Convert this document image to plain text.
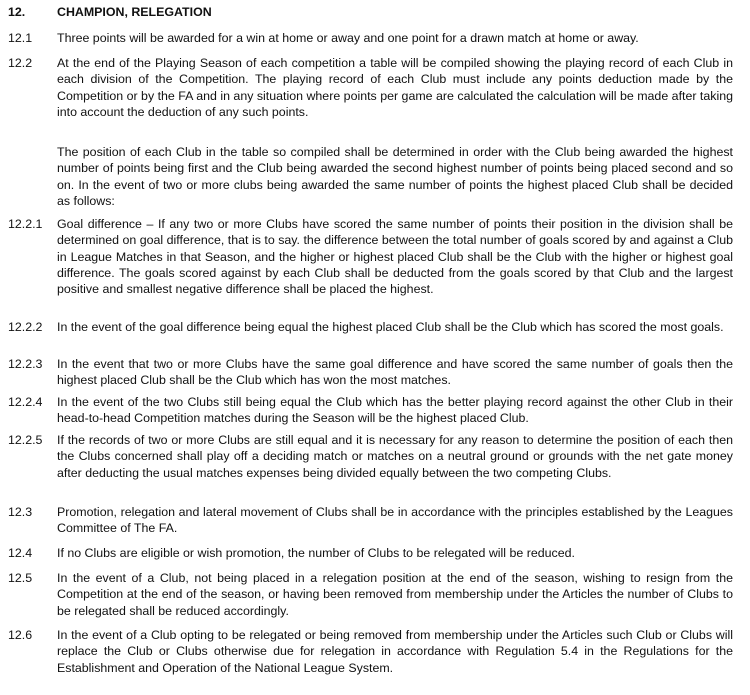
12.	CHAMPION, RELEGATION
12.1 Three points will be awarded for a win at home or away and one point for a drawn match at home or away.
12.2 At the end of the Playing Season of each competition a table will be compiled showing the playing record of each Club in each division of the Competition. The playing record of each Club must include any points deduction made by the Competition or by the FA and in any situation where points per game are calculated the calculation will be made after taking into account the deduction of any such points.
The position of each Club in the table so compiled shall be determined in order with the Club being awarded the highest number of points being first and the Club being awarded the second highest number of points being placed second and so on. In the event of two or more clubs being awarded the same number of points the highest placed Club shall be decided as follows:
12.2.1 Goal difference – If any two or more Clubs have scored the same number of points their position in the division shall be determined on goal difference, that is to say. the difference between the total number of goals scored by and against a Club in League Matches in that Season, and the higher or highest placed Club shall be the Club with the higher or highest goal difference. The goals scored against by each Club shall be deducted from the goals scored by that Club and the largest positive and smallest negative difference shall be placed the highest.
12.2.2 In the event of the goal difference being equal the highest placed Club shall be the Club which has scored the most goals.
12.2.3 In the event that two or more Clubs have the same goal difference and have scored the same number of goals then the highest placed Club shall be the Club which has won the most matches.
12.2.4 In the event of the two Clubs still being equal the Club which has the better playing record against the other Club in their head-to-head Competition matches during the Season will be the highest placed Club.
12.2.5 If the records of two or more Clubs are still equal and it is necessary for any reason to determine the position of each then the Clubs concerned shall play off a deciding match or matches on a neutral ground or grounds with the net gate money after deducting the usual matches expenses being divided equally between the two competing Clubs.
12.3 Promotion, relegation and lateral movement of Clubs shall be in accordance with the principles established by the Leagues Committee of The FA.
12.4 If no Clubs are eligible or wish promotion, the number of Clubs to be relegated will be reduced.
12.5 In the event of a Club, not being placed in a relegation position at the end of the season, wishing to resign from the Competition at the end of the season, or having been removed from membership under the Articles the number of Clubs to be relegated shall be reduced accordingly.
12.6 In the event of a Club opting to be relegated or being removed from membership under the Articles such Club or Clubs will replace the Club or Clubs otherwise due for relegation in accordance with Regulation 5.4 in the Regulations for the Establishment and Operation of the National League System.
